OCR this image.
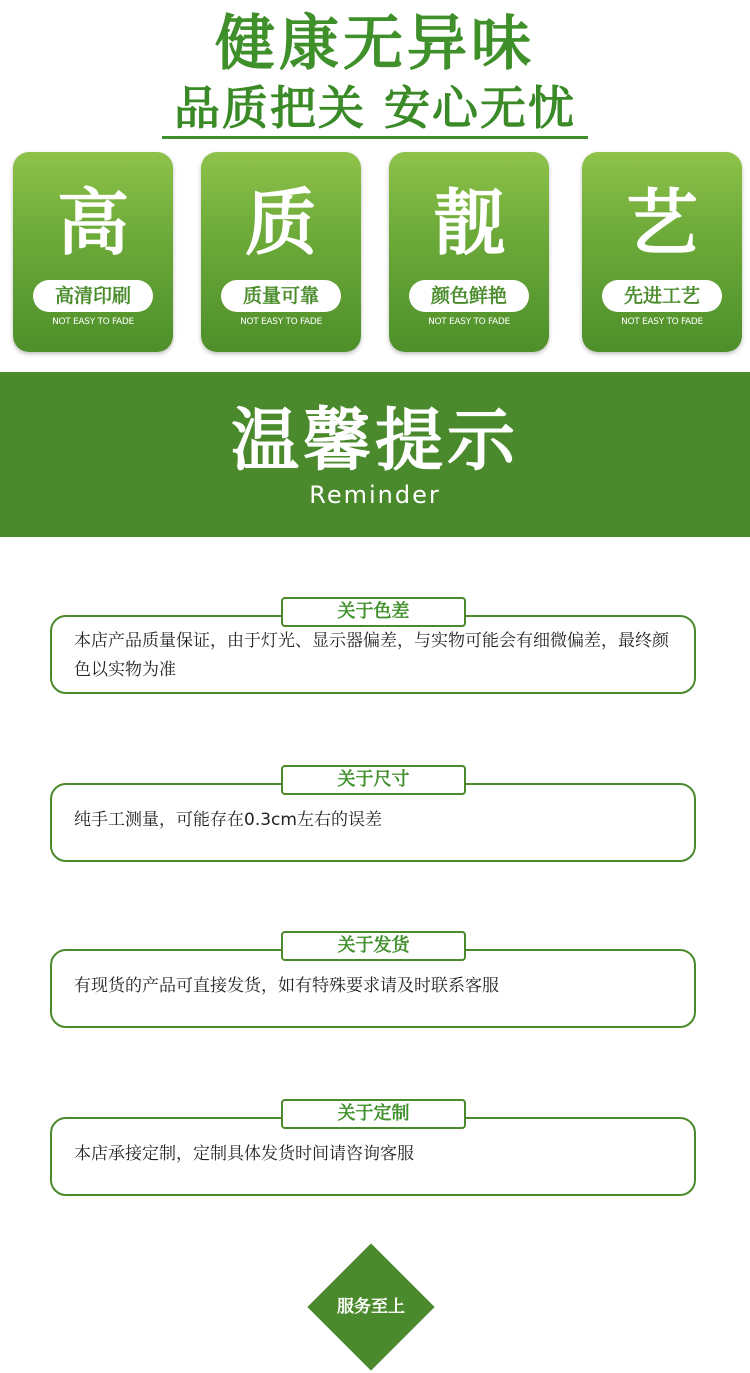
健康无异味
品质把关 安心无忧
高
高清印刷
NOT EASY TO FADE
质
质量可靠
NOT EASY TO FADE
靓
颜色鲜艳
NOT EASY TO FADE
艺
先进工艺
NOT EASY TO FADE
温馨提示
Reminder
本店产品质量保证，由于灯光、显示器偏差，与实物可能会有细微偏差，最终颜色以实物为准
关于色差
纯手工测量，可能存在0.3cm左右的误差
关于尺寸
有现货的产品可直接发货，如有特殊要求请及时联系客服
关于发货
本店承接定制，定制具体发货时间请咨询客服
关于定制
服务至上
